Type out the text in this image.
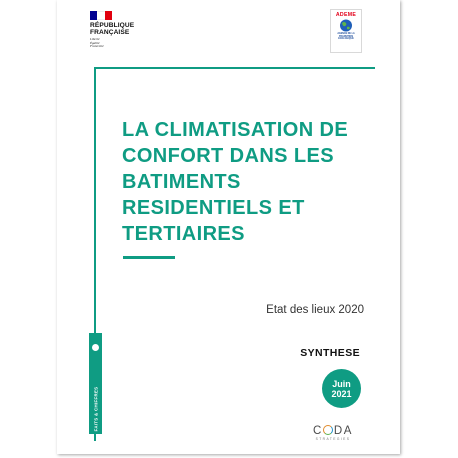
RÉPUBLIQUE
FRANÇAISE
Liberté
Égalité
Fraternité
ADEME
AGENCE DE LA
TRANSITION
ÉCOLOGIQUE
LA CLIMATISATION DE
CONFORT DANS LES
BATIMENTS
RESIDENTIELS ET
TERTIAIRES
Etat des lieux 2020
SYNTHESE
FAITS & CHIFFRES
Juin
2021
C DA
STRATEGIES
